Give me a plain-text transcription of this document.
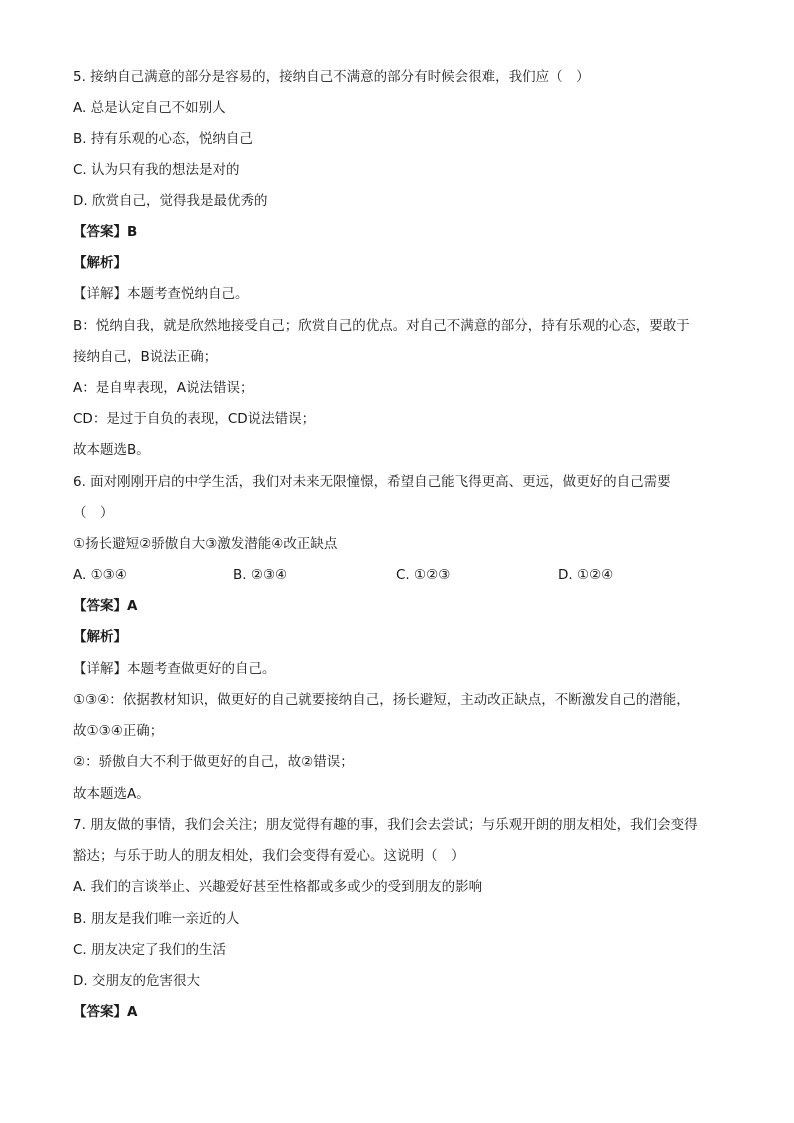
5. 接纳自己满意的部分是容易的，接纳自己不满意的部分有时候会很难，我们应（　）
A. 总是认定自己不如别人
B. 持有乐观的心态，悦纳自己
C. 认为只有我的想法是对的
D. 欣赏自己，觉得我是最优秀的
【答案】B
【解析】
【详解】本题考查悦纳自己。
B：悦纳自我，就是欣然地接受自己；欣赏自己的优点。对自己不满意的部分，持有乐观的心态，要敢于
接纳自己，B说法正确；
A：是自卑表现，A说法错误；
CD：是过于自负的表现，CD说法错误；
故本题选B。
6. 面对刚刚开启的中学生活，我们对未来无限憧憬，希望自己能飞得更高、更远，做更好的自己需要
（　）
①扬长避短②骄傲自大③激发潜能④改正缺点
A. ①③④	B. ②③④	C. ①②③	D. ①②④
【答案】A
【解析】
【详解】本题考查做更好的自己。
①③④：依据教材知识，做更好的自己就要接纳自己，扬长避短，主动改正缺点，不断激发自己的潜能，
故①③④正确；
②：骄傲自大不利于做更好的自己，故②错误；
故本题选A。
7. 朋友做的事情，我们会关注；朋友觉得有趣的事，我们会去尝试；与乐观开朗的朋友相处，我们会变得
豁达；与乐于助人的朋友相处，我们会变得有爱心。这说明（　）
A. 我们的言谈举止、兴趣爱好甚至性格都或多或少的受到朋友的影响
B. 朋友是我们唯一亲近的人
C. 朋友决定了我们的生活
D. 交朋友的危害很大
【答案】A
